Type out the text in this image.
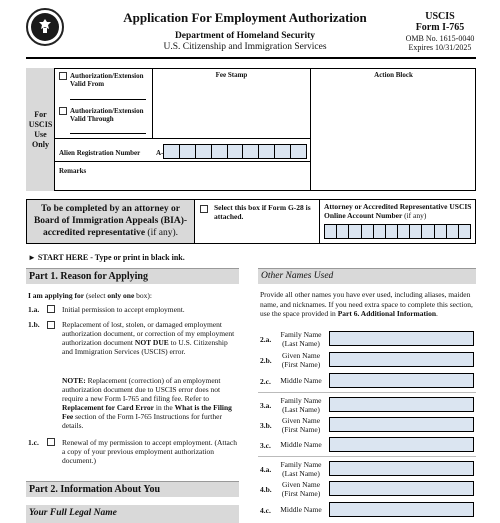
Application For Employment Authorization
Department of Homeland Security
U.S. Citizenship and Immigration Services
USCIS
Form I-765
OMB No. 1615-0040
Expires 10/31/2025
For
USCIS
Use
Only
Authorization/Extension Valid From
Authorization/Extension Valid Through
Fee Stamp	Action Block
Alien Registration Number A-
Remarks
To be completed by an attorney or Board of Immigration Appeals (BIA)-accredited representative (if any).
Select this box if Form G-28 is attached.
Attorney or Accredited Representative USCIS Online Account Number (if any)
► START HERE - Type or print in black ink.
Part 1. Reason for Applying
I am applying for (select only one box):
1.a.	Initial permission to accept employment.
1.b.	Replacement of lost, stolen, or damaged employment authorization document, or correction of my employment authorization document NOT DUE to U.S. Citizenship and Immigration Services (USCIS) error.
NOTE: Replacement (correction) of an employment authorization document due to USCIS error does not require a new Form I-765 and filing fee. Refer to Replacement for Card Error in the What is the Filing Fee section of the Form I-765 Instructions for further details.
1.c.	Renewal of my permission to accept employment. (Attach a copy of your previous employment authorization document.)
Part 2. Information About You
Your Full Legal Name
Other Names Used
Provide all other names you have ever used, including aliases, maiden name, and nicknames. If you need extra space to complete this section, use the space provided in Part 6. Additional Information.
2.a.
Family Name
(Last Name)
2.b.
Given Name
(First Name)
2.c.	Middle Name
3.a.
Family Name
(Last Name)
3.b.
Given Name
(First Name)
3.c.	Middle Name
4.a.
Family Name
(Last Name)
4.b.
Given Name
(First Name)
4.c.	Middle Name
